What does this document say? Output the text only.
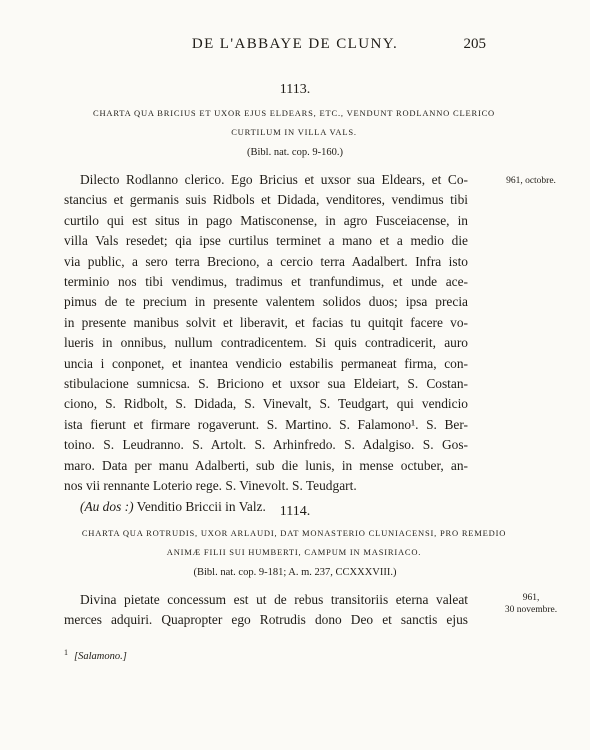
DE L'ABBAYE DE CLUNY.	205
1113.
CHARTA QUA BRICIUS ET UXOR EJUS ELDEARS, ETC., VENDUNT RODLANNO CLERICO
CURTILUM IN VILLA VALS.
(Bibl. nat. cop. 9-160.)
961, octobre.
Dilecto Rodlanno clerico. Ego Bricius et uxsor sua Eldears, et Co-
stancius et germanis suis Ridbols et Didada, venditores, vendimus tibi
curtilo qui est situs in pago Matisconense, in agro Fusceiacense, in
villa Vals resedet; qia ipse curtilus terminet a mano et a medio die
via public, a sero terra Breciono, a cercio terra Aadalbert. Infra isto
terminio nos tibi vendimus, tradimus et tranfundimus, et unde ace-
pimus de te precium in presente valentem solidos duos; ipsa precia
in presente manibus solvit et liberavit, et facias tu quitqit facere vo-
lueris in onnibus, nullum contradicentem. Si quis contradicerit, auro
uncia i conponet, et inantea vendicio estabilis permaneat firma, con-
stibulacione sumnicsa. S. Briciono et uxsor sua Eldeiart, S. Costan-
ciono, S. Ridbolt, S. Didada, S. Vinevalt, S. Teudgart, qui vendicio
ista fierunt et firmare rogaverunt. S. Martino. S. Falamono¹. S. Ber-
toino. S. Leudranno. S. Artolt. S. Arhinfredo. S. Adalgiso. S. Gos-
maro. Data per manu Adalberti, sub die lunis, in mense octuber, an-
nos vii rennante Loterio rege. S. Vinevolt. S. Teudgart.
(Au dos :) Venditio Briccii in Valz. 1114.
CHARTA QUA ROTRUDIS, UXOR ARLAUDI, DAT MONASTERIO CLUNIACENSI, PRO REMEDIO
ANIMÆ FILII SUI HUMBERTI, CAMPUM IN MASIRIACO.
(Bibl. nat. cop. 9-181; A. m. 237, CCXXXVIII.)
961,
30 novembre.
Divina pietate concessum est ut de rebus transitoriis eterna valeat
merces adquiri. Quapropter ego Rotrudis dono Deo et sanctis ejus
$^1$ [Salamono.]
